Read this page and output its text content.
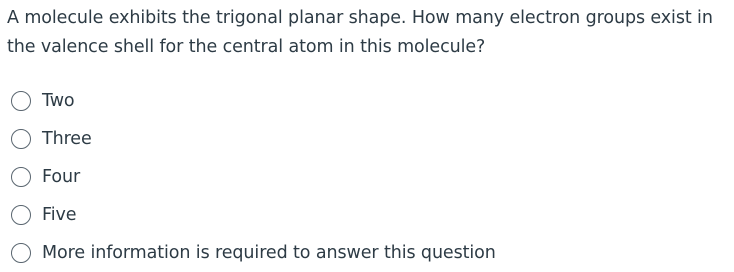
A molecule exhibits the trigonal planar shape. How many electron groups exist in the valence shell for the central atom in this molecule?
Two
Three
Four
Five
More information is required to answer this question
